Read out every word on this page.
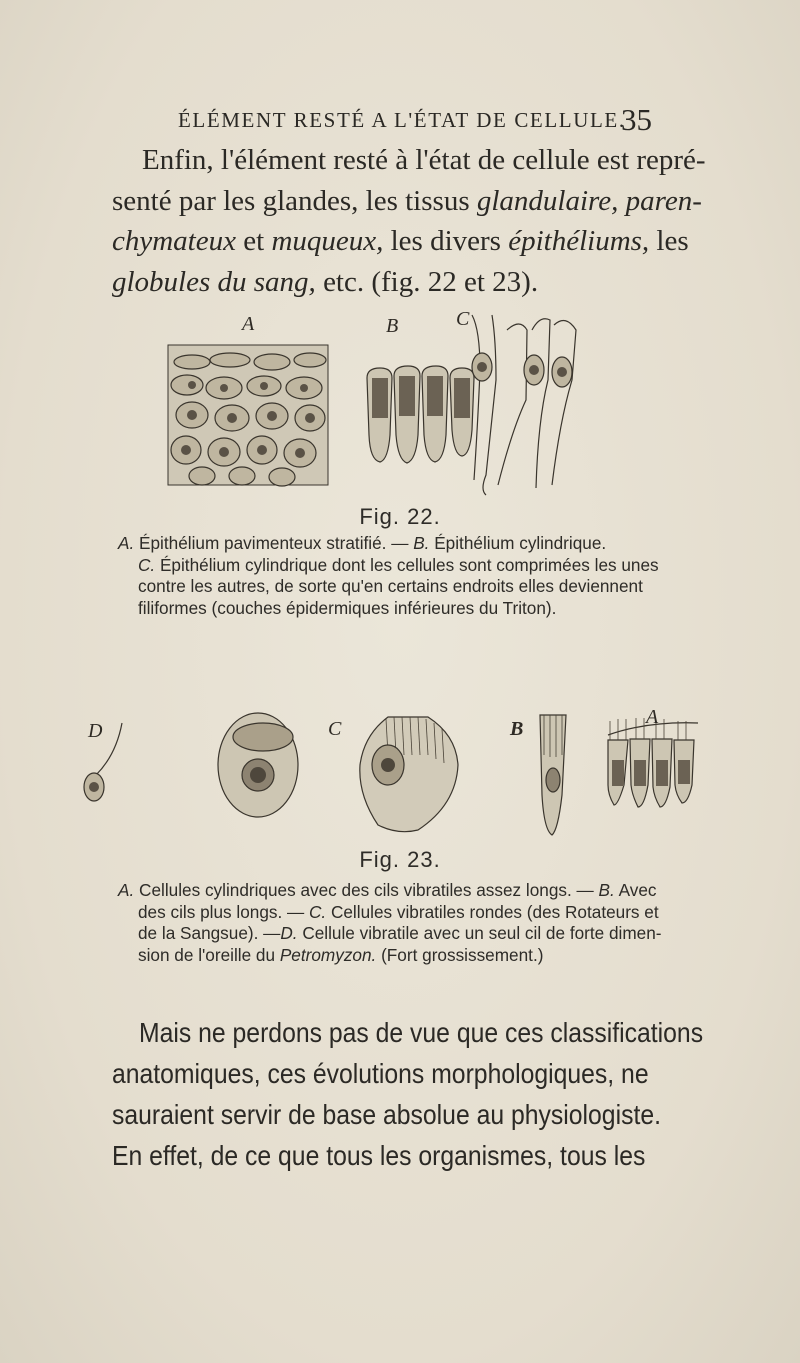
ÉLÉMENT RESTÉ A L'ÉTAT DE CELLULE.
35
Enfin, l'élément resté à l'état de cellule est repré-
senté par les glandes, les tissus glandulaire, paren-
chymateux et muqueux, les divers épithéliums, les
globules du sang, etc. (fig. 22 et 23).
A	B	C
Fig. 22.
A. Épithélium pavimenteux stratifié. — B. Épithélium cylindrique.
C. Épithélium cylindrique dont les cellules sont comprimées les unes
contre les autres, de sorte qu'en certains endroits elles deviennent
filiformes (couches épidermiques inférieures du Triton).
D	C	B
A
Fig. 23.
A. Cellules cylindriques avec des cils vibratiles assez longs. — B. Avec
des cils plus longs. — C. Cellules vibratiles rondes (des Rotateurs et
de la Sangsue). —D. Cellule vibratile avec un seul cil de forte dimen-
sion de l'oreille du Petromyzon. (Fort grossissement.)
Mais ne perdons pas de vue que ces classifications
anatomiques, ces évolutions morphologiques, ne
sauraient servir de base absolue au physiologiste.
En effet, de ce que tous les organismes, tous les
